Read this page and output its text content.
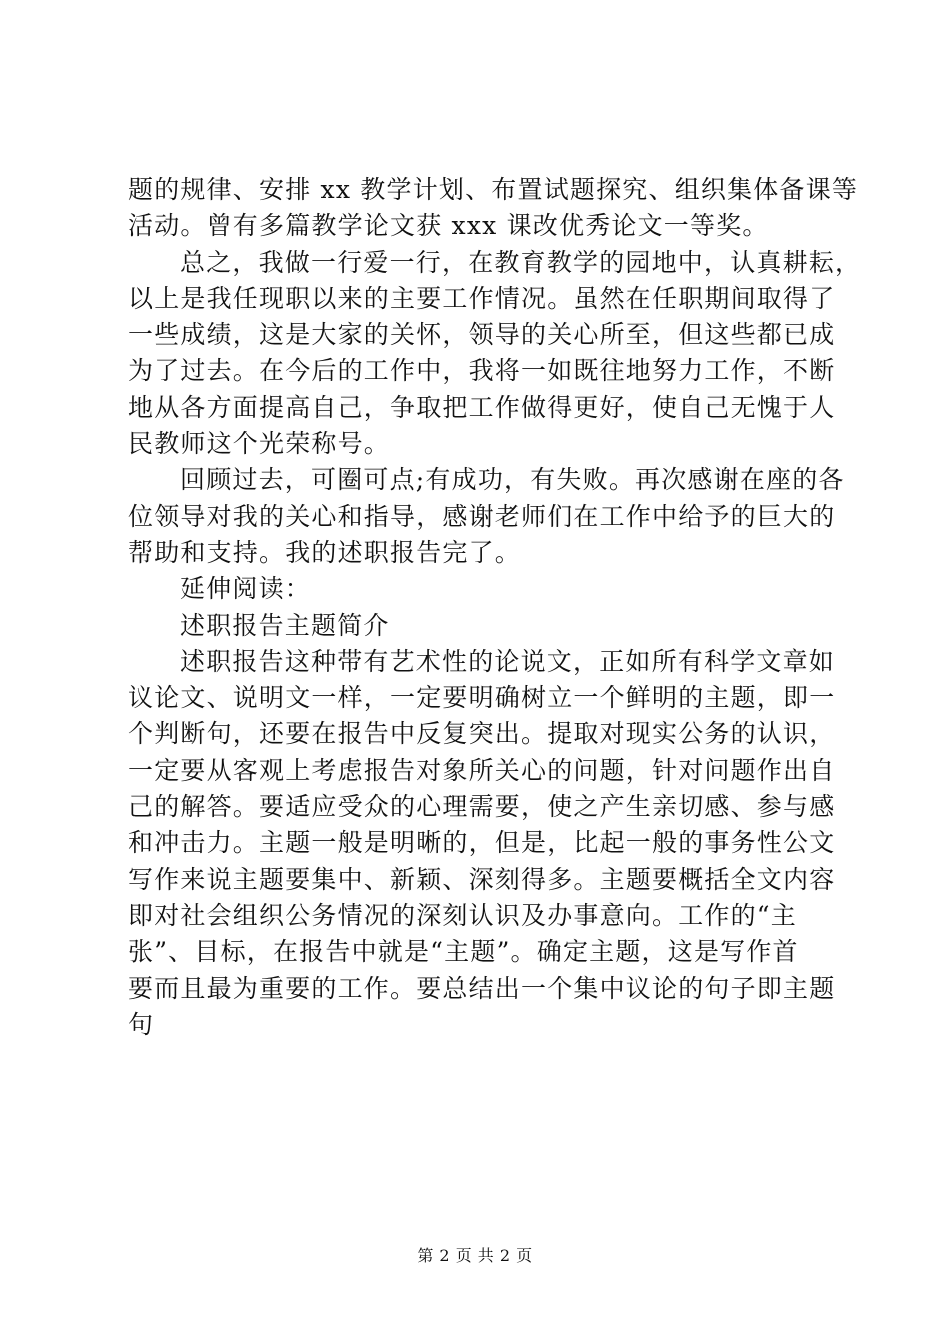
题的规律、安排 xx 教学计划、布置试题探究、组织集体备课等
活动。曾有多篇教学论文获 xxx 课改优秀论文一等奖。
总之，我做一行爱一行，在教育教学的园地中，认真耕耘，
以上是我任现职以来的主要工作情况。虽然在任职期间取得了
一些成绩，这是大家的关怀，领导的关心所至，但这些都已成
为了过去。在今后的工作中，我将一如既往地努力工作，不断
地从各方面提高自己，争取把工作做得更好，使自己无愧于人
民教师这个光荣称号。
回顾过去，可圈可点;有成功，有失败。再次感谢在座的各
位领导对我的关心和指导，感谢老师们在工作中给予的巨大的
帮助和支持。我的述职报告完了。
延伸阅读：
述职报告主题简介
述职报告这种带有艺术性的论说文，正如所有科学文章如
议论文、说明文一样，一定要明确树立一个鲜明的主题，即一
个判断句，还要在报告中反复突出。提取对现实公务的认识，
一定要从客观上考虑报告对象所关心的问题，针对问题作出自
己的解答。要适应受众的心理需要，使之产生亲切感、参与感
和冲击力。主题一般是明晰的，但是，比起一般的事务性公文
写作来说主题要集中、新颖、深刻得多。主题要概括全文内容
即对社会组织公务情况的深刻认识及办事意向。工作的“主
张”、目标，在报告中就是“主题”。确定主题，这是写作首
要而且最为重要的工作。要总结出一个集中议论的句子即主题
句
第 2 页 共 2 页
